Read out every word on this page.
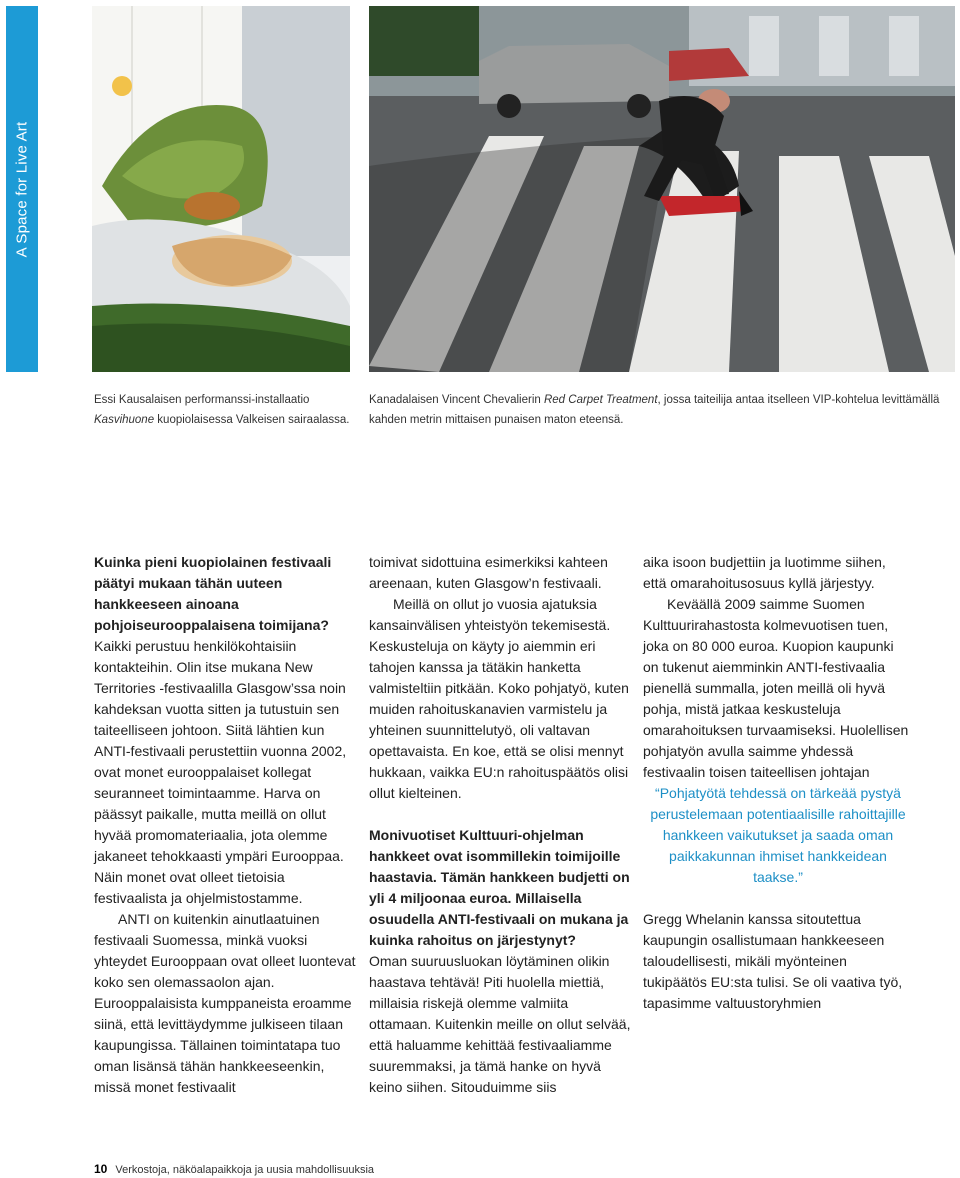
A Space for Live Art
Essi Kausalaisen performanssi-installaatio
Kasvihuone kuopiolaisessa Valkeisen sairaalassa.
Kanadalaisen Vincent Chevalierin Red Carpet Treatment, jossa taiteilija antaa itselleen VIP-kohtelua levittämällä kahden metrin mittaisen punaisen maton eteensä.

Kuinka pieni kuopiolainen festivaali päätyi mukaan tähän uuteen hankkeeseen ainoana pohjoiseurooppalaisena toimijana?

Kaikki perustuu henkilökohtaisiin kontakteihin. Olin itse mukana New Territories -festivaalilla Glasgow’ssa noin kahdeksan vuotta sitten ja tutustuin sen taiteelliseen johtoon. Siitä lähtien kun ANTI-festivaali perustettiin vuonna 2002, ovat monet eurooppalaiset kollegat seuranneet toimintaamme. Harva on päässyt paikalle, mutta meillä on ollut hyvää promomateriaalia, jota olemme jakaneet tehokkaasti ympäri Eurooppaa. Näin monet ovat olleet tietoisia festivaalista ja ohjelmistostamme.

ANTI on kuitenkin ainutlaatuinen festivaali Suomessa, minkä vuoksi yhteydet Eurooppaan ovat olleet luontevat koko sen olemassaolon ajan. Eurooppalaisista kumppaneista eroamme siinä, että levittäydymme julkiseen tilaan kaupungissa. Tällainen toimintatapa tuo oman lisänsä tähän hankkeeseenkin, missä monet festivaalit

toimivat sidottuina esimerkiksi kahteen areenaan, kuten Glasgow’n festivaali.

Meillä on ollut jo vuosia ajatuksia kansainvälisen yhteistyön tekemisestä. Keskusteluja on käyty jo aiemmin eri tahojen kanssa ja tätäkin hanketta valmisteltiin pitkään. Koko pohjatyö, kuten muiden rahoituskanavien varmistelu ja yhteinen suunnittelutyö, oli valtavan opettavaista. En koe, että se olisi mennyt hukkaan, vaikka EU:n rahoituspäätös olisi ollut kielteinen.

Monivuotiset Kulttuuri-ohjelman hankkeet ovat isommillekin toimijoille haastavia. Tämän hankkeen budjetti on yli 4 miljoonaa euroa. Millaisella osuudella ANTI-festivaali on mukana ja kuinka rahoitus on järjestynyt?

Oman suuruusluokan löytäminen olikin haastava tehtävä! Piti huolella miettiä, millaisia riskejä olemme valmiita ottamaan. Kuitenkin meille on ollut selvää, että haluamme kehittää festivaaliamme suuremmaksi, ja tämä hanke on hyvä keino siihen. Sitouduimme siis

aika isoon budjettiin ja luotimme siihen, että omarahoitusosuus kyllä järjestyy.

Keväällä 2009 saimme Suomen Kulttuurirahastosta kolmevuotisen tuen, joka on 80 000 euroa. Kuopion kaupunki on tukenut aiemminkin ANTI-festivaalia pienellä summalla, joten meillä oli hyvä pohja, mistä jatkaa keskusteluja omarahoituksen turvaamiseksi. Huolellisen pohjatyön avulla saimme yhdessä festivaalin toisen taiteellisen johtajan

“Pohjatyötä tehdessä on tärkeää pystyä perustelemaan potentiaalisille rahoittajille hankkeen vaikutukset ja saada oman paikkakunnan ihmiset hankkeidean taakse.”

Gregg Whelanin kanssa sitoutettua kaupungin osallistumaan hankkeeseen taloudellisesti, mikäli myönteinen tukipäätös EU:sta tulisi. Se oli vaativa työ, tapasimme valtuustoryhmien

10 Verkostoja, näköalapaikkoja ja uusia mahdollisuuksia
